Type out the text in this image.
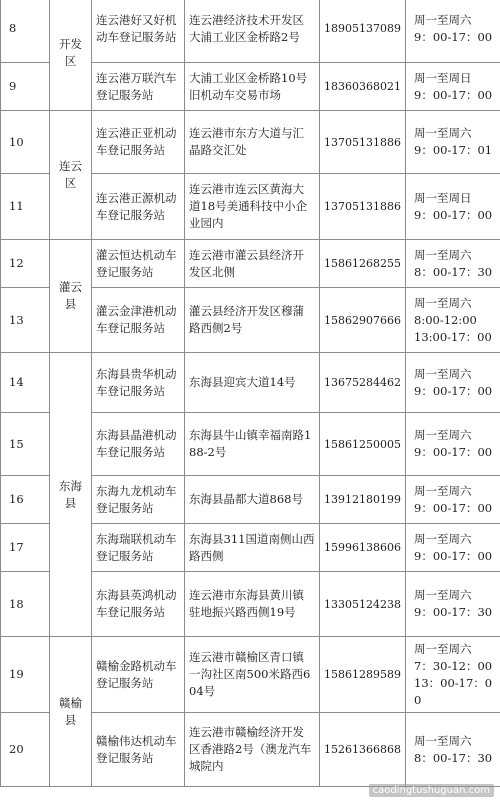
8	开发区	连云港好又好机动车登记服务站	连云港经济技术开发区大浦工业区金桥路2号	18905137089	周一至周六
9：00-17：00
9		连云港万联汽车登记服务站	大浦工业区金桥路10号旧机动车交易市场	18360368021	周一至周日
9：00-17：00
10	连云区	连云港正亚机动车登记服务站	连云港市东方大道与汇晶路交汇处	13705131886	周一至周六
9：00-17：01
11		连云港正源机动车登记服务站	连云港市连云区黄海大道18号美通科技中小企业园内	13705131886	周一至周日
9：00-17：00
12	灌云县	灌云恒达机动车登记服务站	连云港市灌云县经济开发区北侧	15861268255	周一至周六
8：00-17：30
13		灌云金津港机动车登记服务站	灌云县经济开发区穆蒲路西侧2号	15862907666	周一至周六
8:00-12:00
13:00-17：00
14	东海县	东海县贵华机动车登记服务站	东海县迎宾大道14号	13675284462	周一至周六
9：00-17：00
15		东海县晶港机动车登记服务站	东海县牛山镇幸福南路188-2号	15861250005	周一至周六
9：00-17：00
16		东海九龙机动车登记服务站	东海县晶都大道868号	13912180199	周一至周六
9：00-17：00
17		东海瑞联机动车登记服务站	东海县311国道南侧山西路西侧	15996138606	周一至周六
9：00-17：00
18		东海县英鸿机动车登记服务站	连云港市东海县黄川镇驻地振兴路西侧19号	13305124238	周一至周六
9：00-17：30
19	赣榆县	赣榆金路机动车登记服务站	连云港市赣榆区青口镇一沟社区南500米路西604号	15861289589	周一至周六
7：30-12：00
13：00-17：00
20		赣榆伟达机动车登记服务站	连云港市赣榆经济开发区香港路2号（澳龙汽车城院内	15261366868	周一至周六
8：00-17：30
caodingtushuguan.com
